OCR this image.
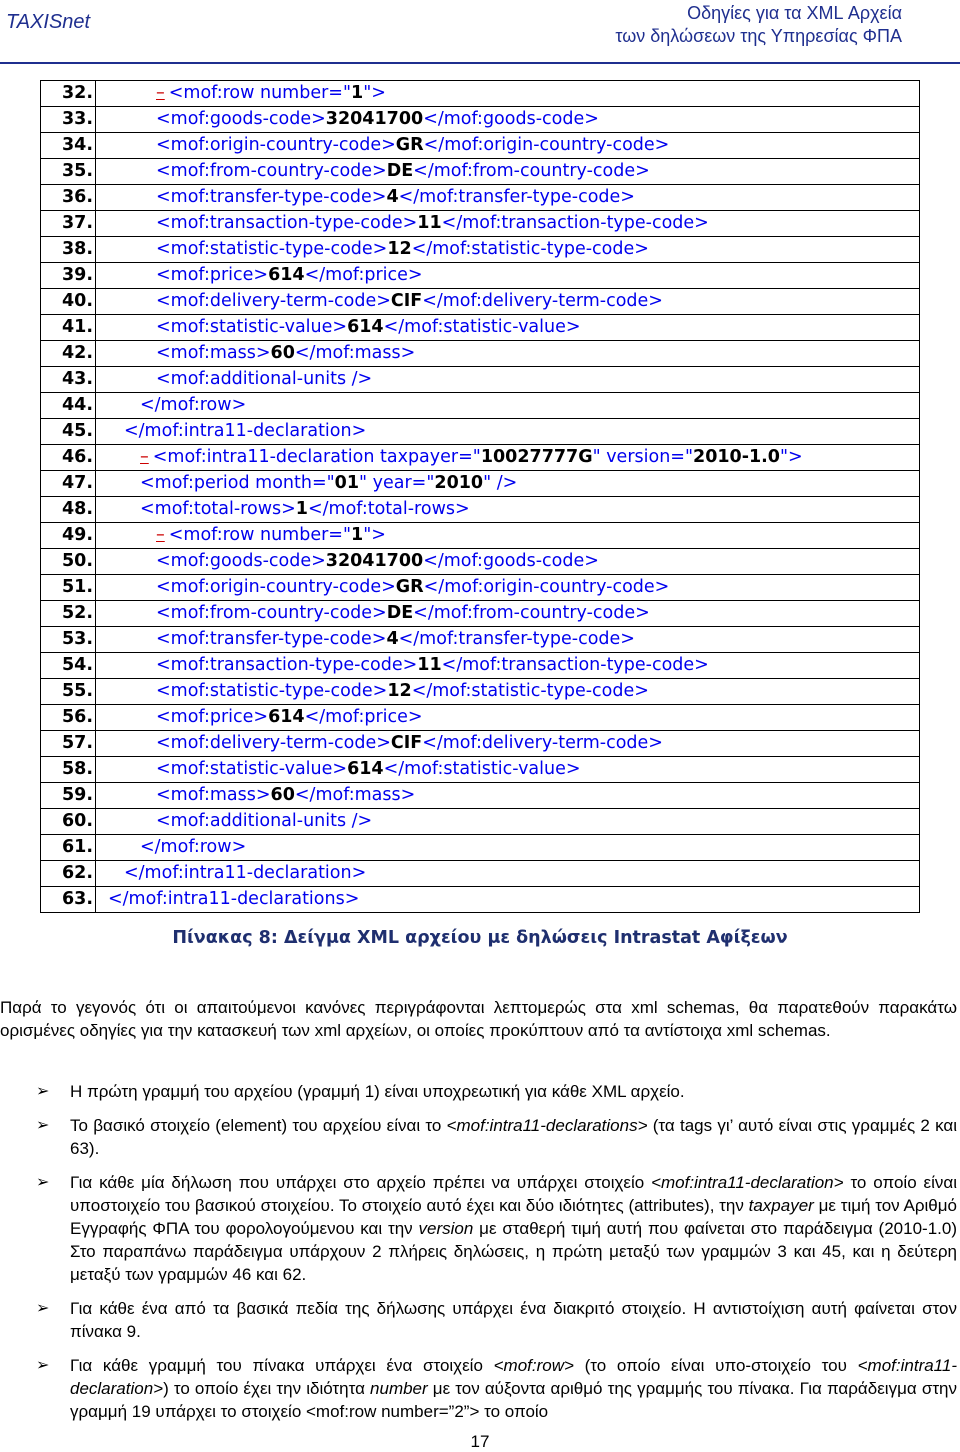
TAXISnet	Οδηγίες για τα XML Αρχεία
των δηλώσεων της Υπηρεσίας ΦΠΑ
32.	– <mof:row number="1">
33.	<mof:goods-code>32041700</mof:goods-code>
34.	<mof:origin-country-code>GR</mof:origin-country-code>
35.	<mof:from-country-code>DE</mof:from-country-code>
36.	<mof:transfer-type-code>4</mof:transfer-type-code>
37.	<mof:transaction-type-code>11</mof:transaction-type-code>
38.	<mof:statistic-type-code>12</mof:statistic-type-code>
39.	<mof:price>614</mof:price>
40.	<mof:delivery-term-code>CIF</mof:delivery-term-code>
41.	<mof:statistic-value>614</mof:statistic-value>
42.	<mof:mass>60</mof:mass>
43.	<mof:additional-units />
44.	</mof:row>
45.	</mof:intra11-declaration>
46.	– <mof:intra11-declaration taxpayer="10027777G" version="2010-1.0">
47.	<mof:period month="01" year="2010" />
48.	<mof:total-rows>1</mof:total-rows>
49.	– <mof:row number="1">
50.	<mof:goods-code>32041700</mof:goods-code>
51.	<mof:origin-country-code>GR</mof:origin-country-code>
52.	<mof:from-country-code>DE</mof:from-country-code>
53.	<mof:transfer-type-code>4</mof:transfer-type-code>
54.	<mof:transaction-type-code>11</mof:transaction-type-code>
55.	<mof:statistic-type-code>12</mof:statistic-type-code>
56.	<mof:price>614</mof:price>
57.	<mof:delivery-term-code>CIF</mof:delivery-term-code>
58.	<mof:statistic-value>614</mof:statistic-value>
59.	<mof:mass>60</mof:mass>
60.	<mof:additional-units />
61.	</mof:row>
62.	</mof:intra11-declaration>
63.	</mof:intra11-declarations>
Πίνακας 8: Δείγμα XML αρχείου με δηλώσεις Intrastat Αφίξεων
Παρά το γεγονός ότι οι απαιτούμενοι κανόνες περιγράφονται λεπτομερώς στα xml schemas, θα παρατεθούν παρακάτω ορισμένες οδηγίες για την κατασκευή των xml αρχείων, οι οποίες προκύπτουν από τα αντίστοιχα xml schemas.
➢ Η πρώτη γραμμή του αρχείου (γραμμή 1) είναι υποχρεωτική για κάθε XML αρχείο.
➢ Το βασικό στοιχείο (element) του αρχείου είναι το <mof:intra11-declarations> (τα tags γι’ αυτό είναι στις γραμμές 2 και 63).
➢ Για κάθε μία δήλωση που υπάρχει στο αρχείο πρέπει να υπάρχει στοιχείο <mof:intra11-declaration> το οποίο είναι υποστοιχείο του βασικού στοιχείου. Το στοιχείο αυτό έχει και δύο ιδιότητες (attributes), την taxpayer με τιμή τον Αριθμό Εγγραφής ΦΠΑ του φορολογούμενου και την version με σταθερή τιμή αυτή που φαίνεται στο παράδειγμα (2010-1.0) Στο παραπάνω παράδειγμα υπάρχουν 2 πλήρεις δηλώσεις, η πρώτη μεταξύ των γραμμών 3 και 45, και η δεύτερη μεταξύ των γραμμών 46 και 62.
➢ Για κάθε ένα από τα βασικά πεδία της δήλωσης υπάρχει ένα διακριτό στοιχείο. Η αντιστοίχιση αυτή φαίνεται στον πίνακα 9.
➢ Για κάθε γραμμή του πίνακα υπάρχει ένα στοιχείο <mof:row> (το οποίο είναι υπο-στοιχείο του <mof:intra11-declaration>) το οποίο έχει την ιδιότητα number με τον αύξοντα αριθμό της γραμμής του πίνακα. Για παράδειγμα στην γραμμή 19 υπάρχει το στοιχείο <mof:row number=”2”> το οποίο
17
